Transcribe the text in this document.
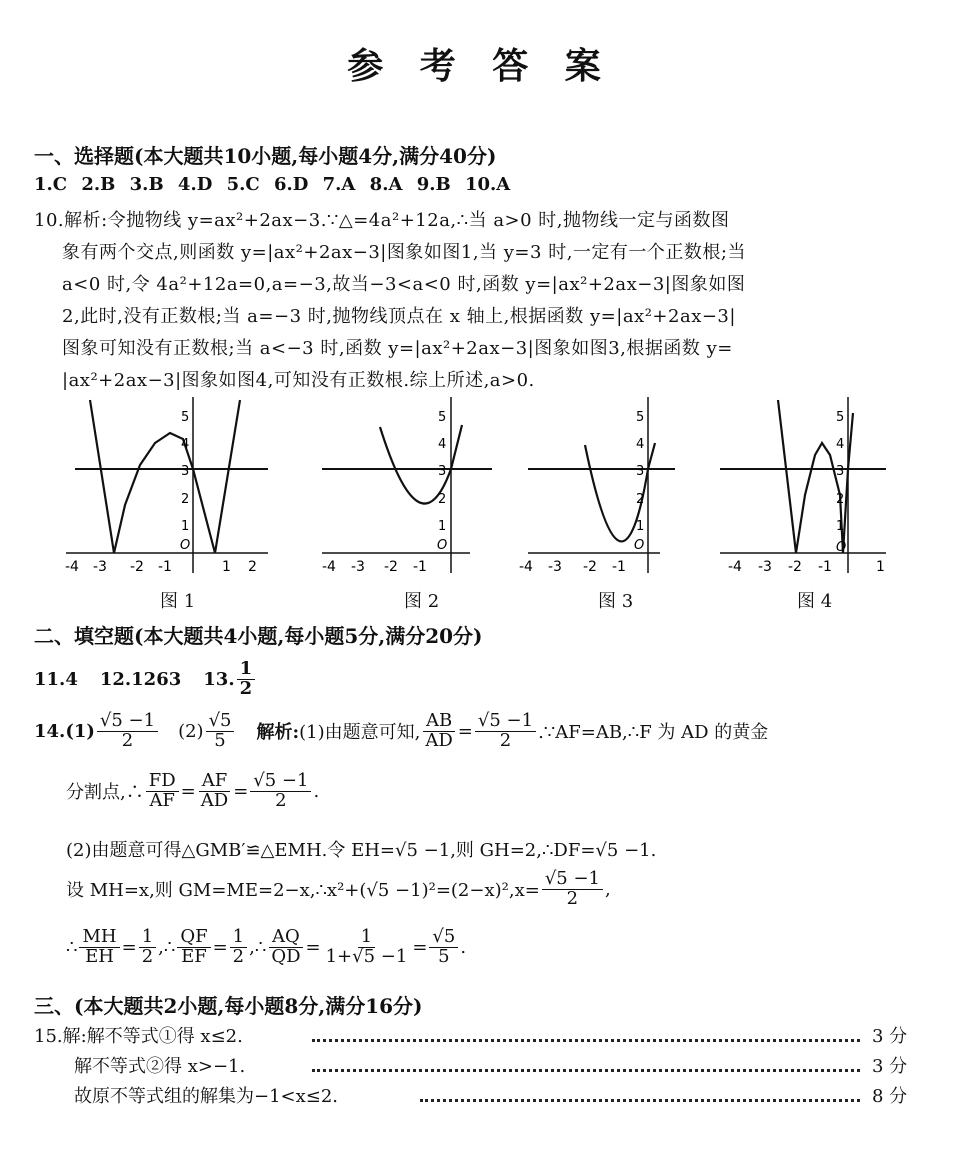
参 考 答 案
一、选择题(本大题共10小题,每小题4分,满分40分)
1.C 2.B 3.B 4.D 5.C 6.D 7.A 8.A 9.B 10.A
10.解析:令抛物线 y=ax²+2ax−3.∵△=4a²+12a,∴当 a>0 时,抛物线一定与函数图
象有两个交点,则函数 y=|ax²+2ax−3|图象如图1,当 y=3 时,一定有一个正数根;当
a<0 时,令 4a²+12a=0,a=−3,故当−3<a<0 时,函数 y=|ax²+2ax−3|图象如图
2,此时,没有正数根;当 a=−3 时,抛物线顶点在 x 轴上,根据函数 y=|ax²+2ax−3|
图象可知没有正数根;当 a<−3 时,函数 y=|ax²+2ax−3|图象如图3,根据函数 y=
|ax²+2ax−3|图象如图4,可知没有正数根.综上所述,a>0.
-4 -3 -2 -1	1 2
1
2
3
4
5
O
-4 -3 -2 -1
1
2
3
4
5
O
-4 -3 -2 -1
1
2
3
4
5
O
-4 -3 -2 -1	1
1
2
3
4
5
O
图 1	图 2	图 3	图 4
二、填空题(本大题共4小题,每小题5分,满分20分)
11.4 12.1263 13. $\frac{1}{2}$
$14.(1) \frac{√5 -1}{2} (2) \frac{√5}{5}$ 解析: (1)由题意可知, $\frac{AB}{AD} = \frac{√5 -1}{2}$ .∵AF=AB,∴F 为 AD 的黄金
分割点,∴ $\frac{FD}{AF} = \frac{AF}{AD} = \frac{√5 -1}{2}$ .
(2)由题意可得△GMB′≌△EMH.令 EH=√5 −1,则 GH=2,∴DF=√5 −1.
设 MH=x,则 GM=ME=2−x,∴x²+(√5 $-1)^2=(2-x)^2,x= \frac{√5 -1}{2}$ ,
∴ $\frac{MH}{EH} = \frac{1}{2}$ ,∴ $\frac{QF}{EF} = \frac{1}{2}$ ,∴ $\frac{AQ}{QD} = \frac{1}{1+√5 -1} = \frac{√5}{5}$ .
三、(本大题共2小题,每小题8分,满分16分)
15.解:解不等式①得 x≤2.	3 分
解不等式②得 x>−1.	3 分
故原不等式组的解集为−1<x≤2.	8 分
